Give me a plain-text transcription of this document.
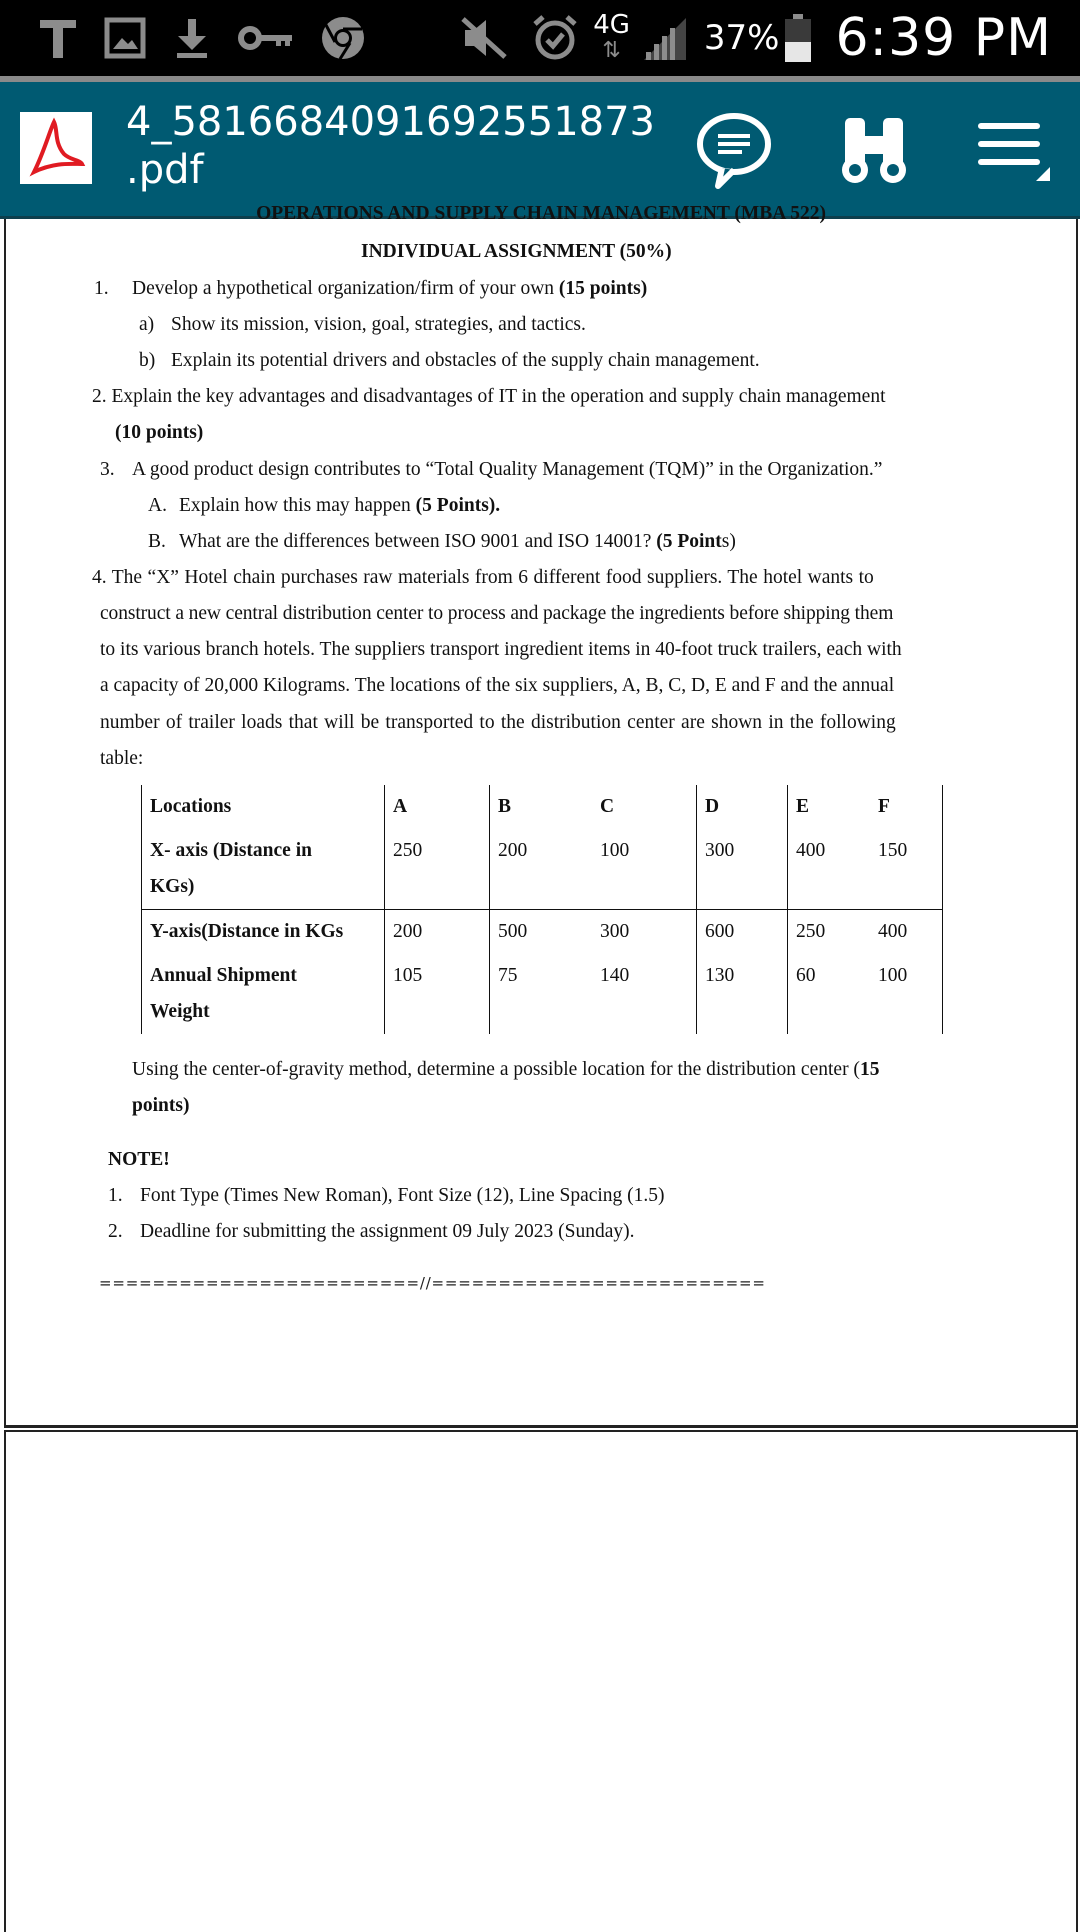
4G
⇅ 37% 6:39 PM
4_5816684091692551873
.pdf
OPERATIONS AND SUPPLY CHAIN MANAGEMENT (MBA 522)
INDIVIDUAL ASSIGNMENT (50%)
1. Develop a hypothetical organization/firm of your own (15 points)
a) Show its mission, vision, goal, strategies, and tactics.
b) Explain its potential drivers and obstacles of the supply chain management.
2. Explain the key advantages and disadvantages of IT in the operation and supply chain management
(10 points)
3. A good product design contributes to “Total Quality Management (TQM)” in the Organization.”
A. Explain how this may happen (5 Points).
B. What are the differences between ISO 9001 and ISO 14001? (5 Points)
4. The “X” Hotel chain purchases raw materials from 6 different food suppliers. The hotel wants to
construct a new central distribution center to process and package the ingredients before shipping them
to its various branch hotels. The suppliers transport ingredient items in 40-foot truck trailers, each with
a capacity of 20,000 Kilograms. The locations of the six suppliers, A, B, C, D, E and F and the annual
number of trailer loads that will be transported to the distribution center are shown in the following
table:
Locations	A	B	C	D	E	F
X- axis (Distance in
KGs)	250	200	100	300	400	150
Y-axis(Distance in KGs	200	500	300	600	250	400
Annual Shipment
Weight	105	75	140	130	60	100
Using the center-of-gravity method, determine a possible location for the distribution center (15
points)
NOTE!
1. Font Type (Times New Roman), Font Size (12), Line Spacing (1.5)
2. Deadline for submitting the assignment 09 July 2023 (Sunday).
========================//=========================
